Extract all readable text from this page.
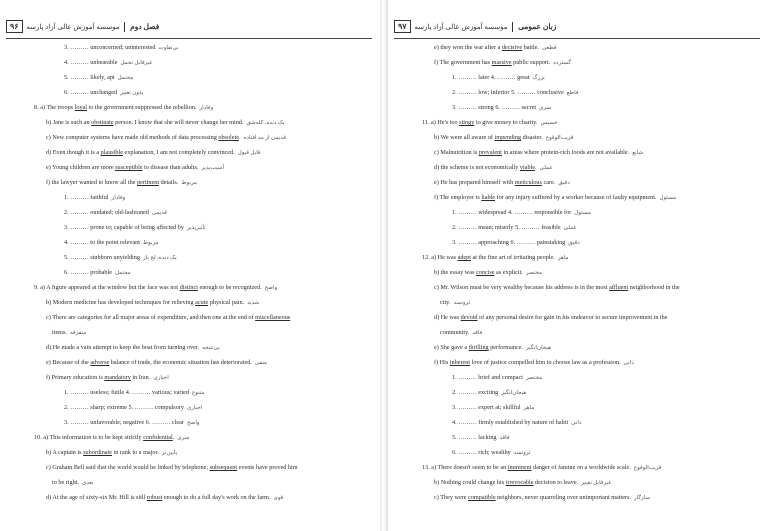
۹۶	فصل دوم  موسسه آموزش عالی آزاد پارسه
3. ……… unconcerned; uninterested بی‌تفاوت
4. ……… unbearable غیرقابل تحمل
5. ……… likely, apt محتمل
6. ……… unchanged بدون تغییر
8. a) The troops loyal to the government suppressed the rebellion. وفادار
b) Jane is such an obstinate person. I know that she will never change her mind. یک دنده، کله‌شق
c) New computer systems have made old methods of data processing obsolete. قدیمی از مد افتاده
d) Even though it is a plausible explanation, I am not completely convinced. قابل قبول
e) Young children are more susceptible to disease than adults. آسیب‌پذیر
f) the lawyer wanted to know all the pertinent details. مربوط
1. ……… faithful وفادار
2. ……… outdated; old-fashioned قدیمی
3. ……… prone to; capable of being affected by تأثیرپذیر
4. ……… to the point relevant مربوط
5. ……… stubborn unyielding یک دنده، لج باز
6. ……… probable محتمل
9. a) A figure appeared at the window but the face was not distinct enough to be recognized. واضح
b) Modern medicine has developed techniques for relieving acute physical pain. شدید
c) There are categories for all major areas of expenditure, and then one at the end of miscellaneous
items. متفرقه
d) He made a vain attempt to keep the boat from turning over. بی‌نتیجه
e) Because of the adverse balance of trade, the economic situation has deteriorated. منفی
f) Primary education is mandatory in Iran. اجباری
1. ……… useless; futile 4. ……… various; varied متنوع
2. ……… sharp; extreme 5. ……… compulsory اجباری
3. ……… unfavorable; negative 6. ……… clear واضح
10. a) This information is to be kept strictly confidential. سری
b) A captain is subordinate in rank to a major. پایین‌تر
c) Graham Bell said that the world would be linked by telephone; subsequent events have proved him
to be right. بعدی
d) At the age of sixty-six Mr. Hill is still robust enough to do a full day's work on the farm. قوی
۹۷	زبان عمومی  موسسه آموزش عالی آزاد پارسه
e) they won the war after a decisive battle. قطعی
f) The government has massive public support. گسترده
1. ……… later 4. ……… great بزرگ
2. ……… low; inferior 5. ……… conclusive قاطع
3. ……… strong 6. ……… secret سری
11. a) He's too stingy to give money to charity. خسیس
b) We were all aware of impending disaster. قریب‌الوقوع
c) Malnutrition is prevalent in areas where protein-rich foods are not available. شایع
d) the scheme is not economically viable. عملی
e) He has prepared himself with meticulous care. دقیق
f) The employer is liable for any injury suffered by a worker because of faulty equipment. مسئول
1. ……… widespread 4. ……… responsible for مسئول
2. ……… mean; miserly 5. ……… feasible عملی
3. ……… approaching 6. ……… painstaking دقیق
12. a) He was adept at the fine art of irritating people. ماهر
b) the essay was concise as explicit. مختصر
c) Mr. Wilson must be very wealthy because his address is in the most affluent neighborhood in the
city. ثروتمند
d) He was devoid of any personal desire for gain in his endeavor to secure improvement in the
community. فاقد
e) She gave a thrilling performance. هیجان‌انگیز
f) His inherent love of justice compelled him to choose law as a profession. ذاتی
1. ……… brief and compact مختصر
2. ……… exciting هیجان‌انگیز
3. ……… expert at; skillful ماهر
4. ……… firmly established by nature of habit ذاتی
5. ……… lacking فاقد
6. ……… rich; wealthy ثروتمند
13. a) There doesn't seem to be an imminent danger of famine on a worldwide scale. قریب‌الوقوع
b) Nothing could change his irrevocable decision to leave. غیرقابل تغییر
c) They were compatible neighbors, never quarreling over unimportant matters. سازگار
